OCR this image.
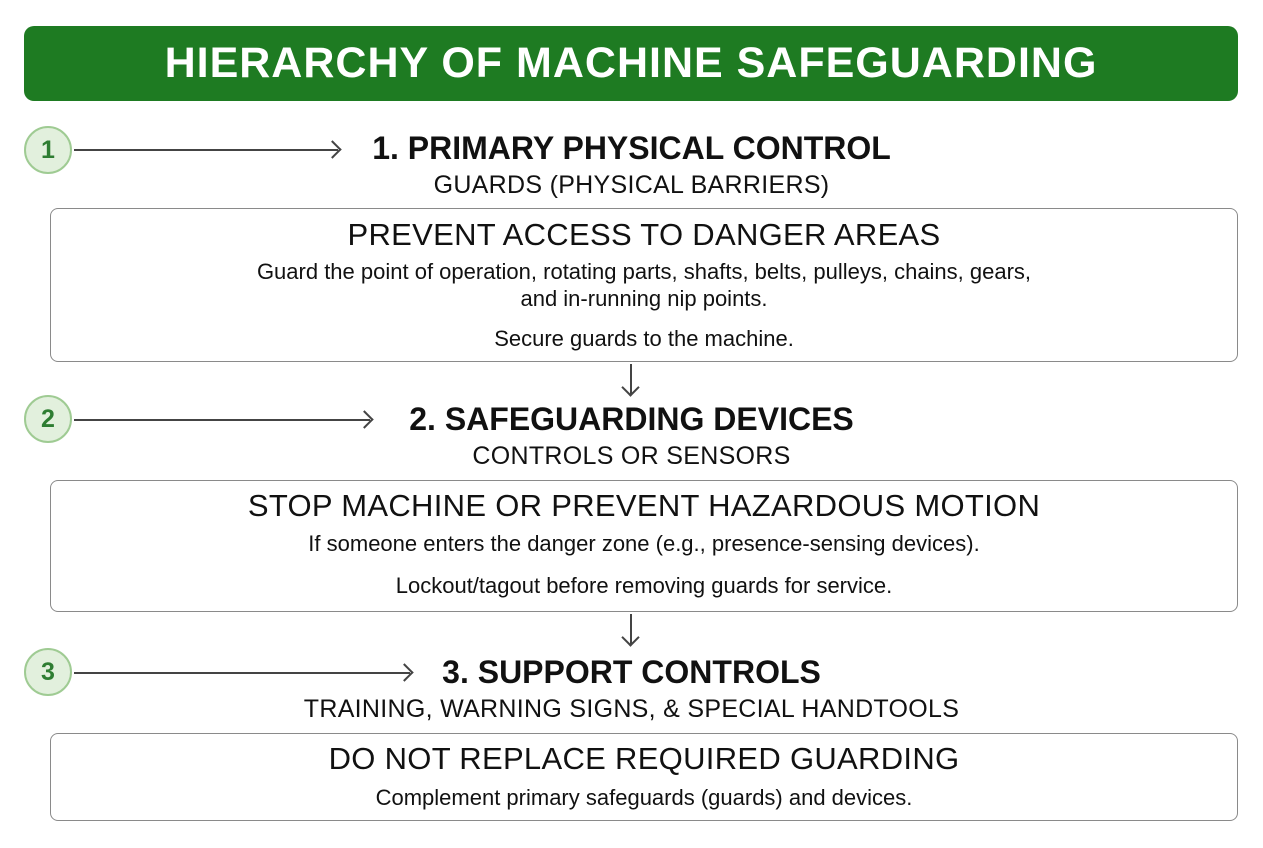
HIERARCHY OF MACHINE SAFEGUARDING
1	1. PRIMARY PHYSICAL CONTROL
GUARDS (PHYSICAL BARRIERS)
PREVENT ACCESS TO DANGER AREAS
Guard the point of operation, rotating parts, shafts, belts, pulleys, chains, gears,
and in-running nip points.
Secure guards to the machine.
2	2. SAFEGUARDING DEVICES
CONTROLS OR SENSORS
STOP MACHINE OR PREVENT HAZARDOUS MOTION
If someone enters the danger zone (e.g., presence-sensing devices).
Lockout/tagout before removing guards for service.
3	3. SUPPORT CONTROLS
TRAINING, WARNING SIGNS, & SPECIAL HANDTOOLS
DO NOT REPLACE REQUIRED GUARDING
Complement primary safeguards (guards) and devices.
